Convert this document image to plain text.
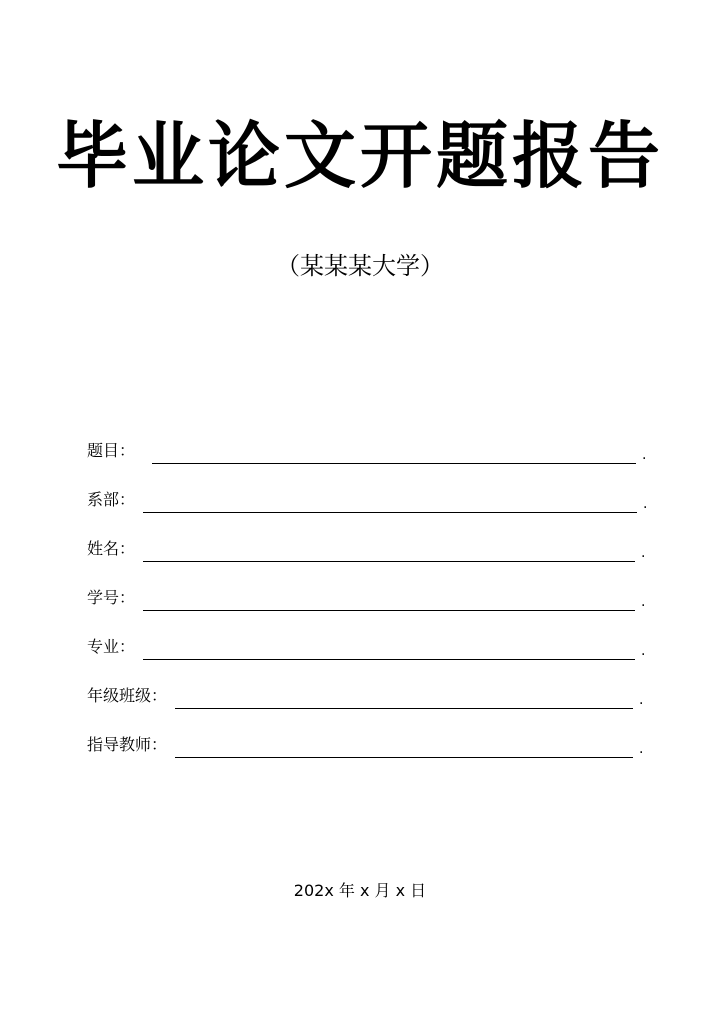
毕业论文开题报告
（某某某大学）
题目：	.
系部：	.
姓名：	.
学号：	.
专业：	.
年级班级：	.
指导教师：	.
202x 年 x 月 x 日
